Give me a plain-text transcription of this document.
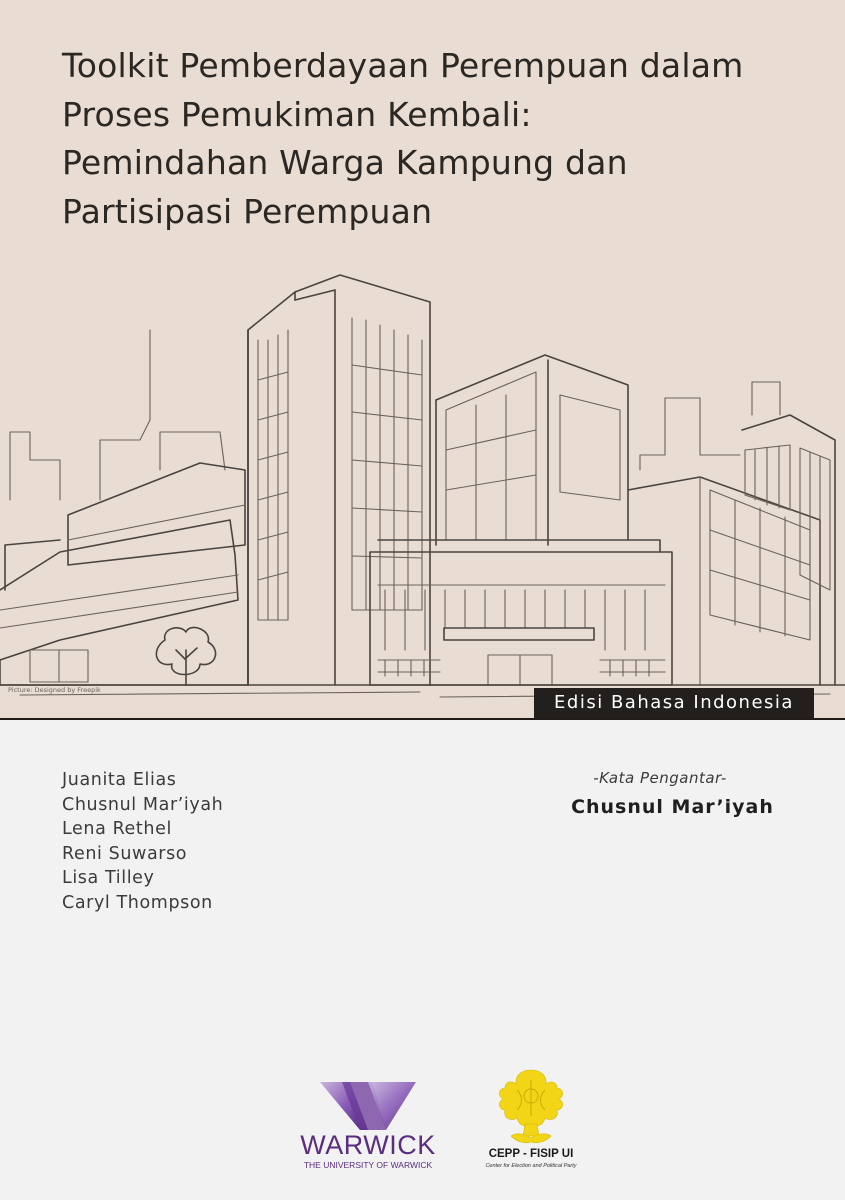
Toolkit Pemberdayaan Perempuan dalam
Proses Pemukiman Kembali:
Pemindahan Warga Kampung dan
Partisipasi Perempuan
Picture: Designed by Freepik
Edisi Bahasa Indonesia
Juanita Elias
Chusnul Mar’iyah
Lena Rethel
Reni Suwarso
Lisa Tilley
Caryl Thompson
-Kata Pengantar-
Chusnul Mar’iyah
WARWICK
THE UNIVERSITY OF WARWICK
CEPP - FISIP UI
Center for Election and Political Party
